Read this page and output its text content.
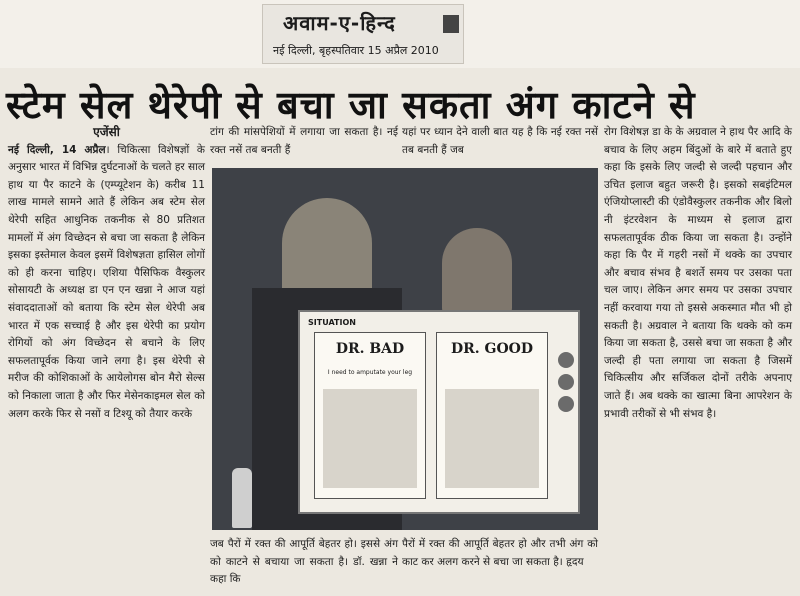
अवाम-ए-हिन्द
नई दिल्ली, बृहस्पतिवार 15 अप्रैल 2010
स्टेम सेल थेरेपी से बचा जा सकता अंग काटने से
एजेंसी
नई दिल्ली, 14 अप्रैल। चिकित्सा विशेषज्ञों के अनुसार भारत में विभिन्न दुर्घटनाओं के चलते हर साल हाथ या पैर काटने के (एम्प्यूटेशन के) करीब 11 लाख मामले सामने आते हैं लेकिन अब स्टेम सेल थेरेपी सहित आधुनिक तकनीक से 80 प्रतिशत मामलों में अंग विच्छेदन से बचा जा सकता है लेकिन इसका इस्तेमाल केवल इसमें विशेषज्ञता हासिल लोगों को ही करना चाहिए। एशिया पैसिफिक वैस्कुलर सोसायटी के अध्यक्ष डा एन एन खन्ना ने आज यहां संवाददाताओं को बताया कि स्टेम सेल थेरेपी अब भारत में एक सच्चाई है और इस थेरेपी का प्रयोग रोगियों को अंग विच्छेदन से बचाने के लिए सफलतापूर्वक किया जाने लगा है। इस थेरेपी से मरीज की कोशिकाओं के आयेलोगस बोन मैरो सेल्स को निकाला जाता है और फिर मेसेनकाइमल सेल को अलग करके फिर से नसों व टिश्यू को तैयार करके
टांग की मांसपेशियों में लगाया जा सकता है। नई रक्त नसें तब बनती हैं
यहां पर ध्यान देने वाली बात यह है कि नई रक्त नसें तब बनती हैं जब
SITUATION
DR. BAD
I need to amputate your leg
DR. GOOD
जब पैरों में रक्त की आपूर्ति बेहतर हो। इससे अंग को काटने से बचाया जा सकता है। डॉ. खन्ना ने कहा कि
पैरों में रक्त की आपूर्ति बेहतर हो और तभी अंग को काट कर अलग करने से बचा जा सकता है। हृदय
रोग विशेषज्ञ डा के के अग्रवाल ने हाथ पैर आदि के बचाव के लिए अहम बिंदुओं के बारे में बताते हुए कहा कि इसके लिए जल्दी से जल्दी पहचान और उचित इलाज बहुत जरूरी है। इसको सबइंटिमल एंजियोप्लास्टी की एंडोवैस्कुलर तकनीक और बिलो नी इंटरवेशन के माध्यम से इलाज द्वारा सफलतापूर्वक ठीक किया जा सकता है। उन्होंने कहा कि पैर में गहरी नसों में थक्के का उपचार और बचाव संभव है बशर्ते समय पर उसका पता चल जाए। लेकिन अगर समय पर उसका उपचार नहीं करवाया गया तो इससे अकस्मात मौत भी हो सकती है। अग्रवाल ने बताया कि थक्के को कम किया जा सकता है, उससे बचा जा सकता है और जल्दी ही पता लगाया जा सकता है जिसमें चिकित्सीय और सर्जिकल दोनों तरीके अपनाए जाते हैं। अब थक्के का खात्मा बिना आपरेशन के प्रभावी तरीकों से भी संभव है।
